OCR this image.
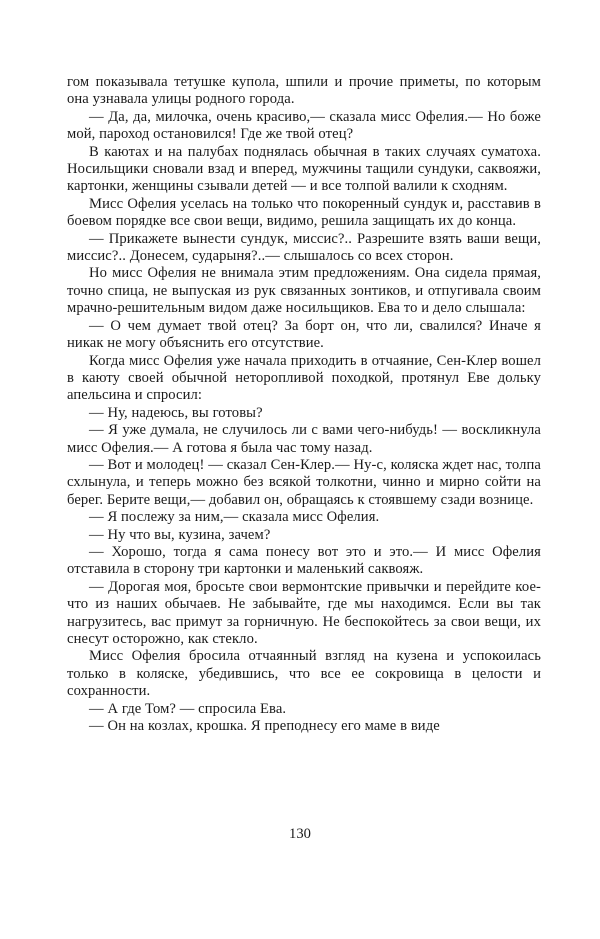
гом показывала тетушке купола, шпили и прочие приметы, по которым она узнавала улицы родного города.

— Да, да, милочка, очень красиво,— сказала мисс Офелия.— Но боже мой, пароход остановился! Где же твой отец?

В каютах и на палубах поднялась обычная в таких случаях суматоха. Носильщики сновали взад и вперед, мужчины тащили сундуки, саквояжи, картонки, женщины сзывали детей — и все толпой валили к сходням.

Мисс Офелия уселась на только что покоренный сундук и, расставив в боевом порядке все свои вещи, видимо, решила защищать их до конца.

— Прикажете вынести сундук, миссис?.. Разрешите взять ваши вещи, миссис?.. Донесем, сударыня?..— слышалось со всех сторон.

Но мисс Офелия не внимала этим предложениям. Она сидела прямая, точно спица, не выпуская из рук связанных зонтиков, и отпугивала своим мрачно-решительным видом даже носильщиков. Ева то и дело слышала:

— О чем думает твой отец? За борт он, что ли, свалился? Иначе я никак не могу объяснить его отсутствие.

Когда мисс Офелия уже начала приходить в отчаяние, Сен-Клер вошел в каюту своей обычной неторопливой походкой, протянул Еве дольку апельсина и спросил:

— Ну, надеюсь, вы готовы?

— Я уже думала, не случилось ли с вами чего-нибудь! — воскликнула мисс Офелия.— А готова я была час тому назад.

— Вот и молодец! — сказал Сен-Клер.— Ну-с, коляска ждет нас, толпа схлынула, и теперь можно без всякой толкотни, чинно и мирно сойти на берег. Берите вещи,— добавил он, обращаясь к стоявшему сзади вознице.

— Я послежу за ним,— сказала мисс Офелия.

— Ну что вы, кузина, зачем?

— Хорошо, тогда я сама понесу вот это и это.— И мисс Офелия отставила в сторону три картонки и маленький саквояж.

— Дорогая моя, бросьте свои вермонтские привычки и перейдите кое-что из наших обычаев. Не забывайте, где мы находимся. Если вы так нагрузитесь, вас примут за горничную. Не беспокойтесь за свои вещи, их снесут осторожно, как стекло.

Мисс Офелия бросила отчаянный взгляд на кузена и успокоилась только в коляске, убедившись, что все ее сокровища в целости и сохранности.

— А где Том? — спросила Ева.

— Он на козлах, крошка. Я преподнесу его маме в виде

130
